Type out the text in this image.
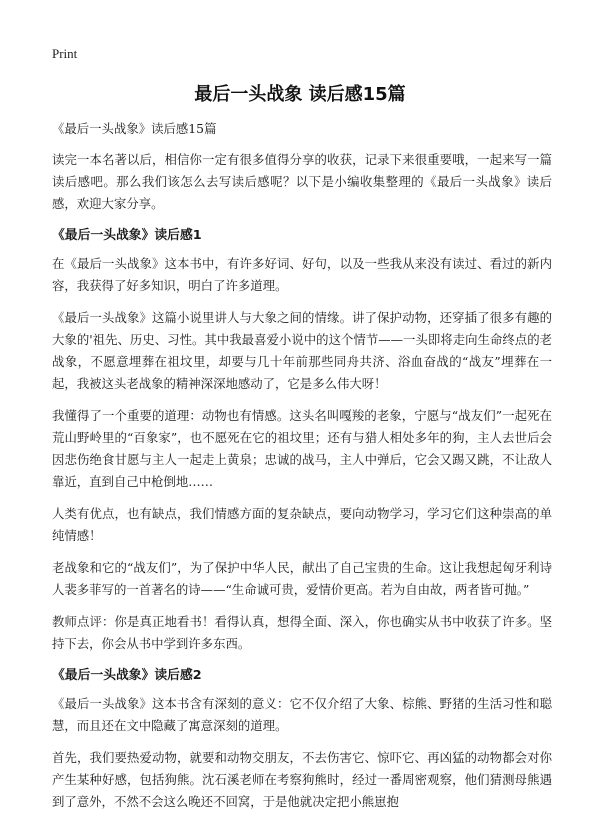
Print
最后一头战象 读后感15篇

《最后一头战象》读后感15篇

读完一本名著以后，相信你一定有很多值得分享的收获，记录下来很重要哦，一起来写一篇读后感吧。那么我们该怎么去写读后感呢？以下是小编收集整理的《最后一头战象》读后感，欢迎大家分享。

《最后一头战象》读后感1

在《最后一头战象》这本书中，有许多好词、好句，以及一些我从来没有读过、看过的新内容，我获得了好多知识，明白了许多道理。

《最后一头战象》这篇小说里讲人与大象之间的情缘。讲了保护动物，还穿插了很多有趣的大象的'祖先、历史、习性。其中我最喜爱小说中的这个情节——一头即将走向生命终点的老战象，不愿意埋葬在祖坟里，却要与几十年前那些同舟共济、浴血奋战的“战友”埋葬在一起，我被这头老战象的精神深深地感动了，它是多么伟大呀！

我懂得了一个重要的道理：动物也有情感。这头名叫嘎羧的老象，宁愿与“战友们”一起死在荒山野岭里的“百象家”，也不愿死在它的祖坟里；还有与猎人相处多年的狗，主人去世后会因悲伤绝食甘愿与主人一起走上黄泉；忠诚的战马，主人中弹后，它会又踢又跳，不让敌人靠近，直到自己中枪倒地……

人类有优点，也有缺点，我们情感方面的复杂缺点，要向动物学习，学习它们这种崇高的单纯情感！

老战象和它的“战友们”，为了保护中华人民，献出了自己宝贵的生命。这让我想起匈牙利诗人裴多菲写的一首著名的诗——“生命诚可贵，爱情价更高。若为自由故，两者皆可抛。”

教师点评：你是真正地看书！看得认真，想得全面、深入，你也确实从书中收获了许多。坚持下去，你会从书中学到许多东西。

《最后一头战象》读后感2

《最后一头战象》这本书含有深刻的意义：它不仅介绍了大象、棕熊、野猪的生活习性和聪慧，而且还在文中隐藏了寓意深刻的道理。

首先，我们要热爱动物，就要和动物交朋友，不去伤害它、惊吓它、再凶猛的动物都会对你产生某种好感，包括狗熊。沈石溪老师在考察狗熊时，经过一番周密观察，他们猜测母熊遇到了意外，不然不会这么晚还不回窝，于是他就决定把小熊崽抱
